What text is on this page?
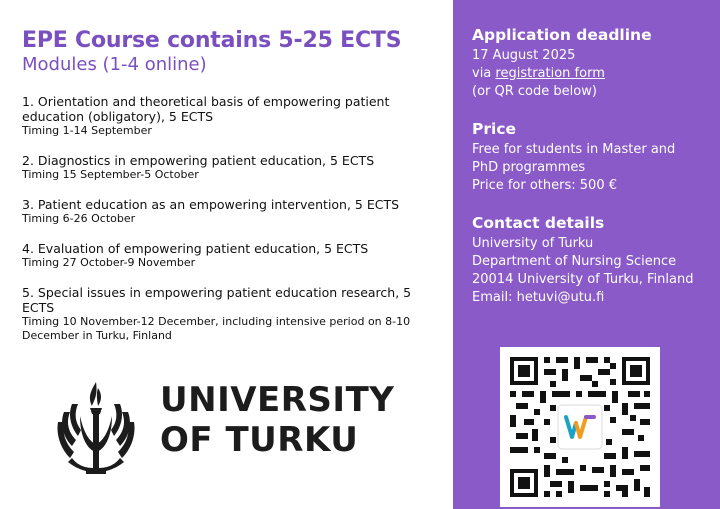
EPE Course contains 5-25 ECTS
Modules (1-4 online)
1. Orientation and theoretical basis of empowering patient education (obligatory), 5 ECTS
Timing 1-14 September
2. Diagnostics in empowering patient education, 5 ECTS
Timing 15 September-5 October
3. Patient education as an empowering intervention, 5 ECTS
Timing 6-26 October
4. Evaluation of empowering patient education, 5 ECTS
Timing 27 October-9 November
5. Special issues in empowering patient education research, 5 ECTS
Timing 10 November-12 December, including intensive period on 8-10 December in Turku, Finland
UNIVERSITY
OF TURKU
Application deadline
17 August 2025
via registration form
(or QR code below)
Price
Free for students in Master and
PhD programmes
Price for others: 500 €
Contact details
University of Turku
Department of Nursing Science
20014 University of Turku, Finland
Email: hetuvi@utu.fi
